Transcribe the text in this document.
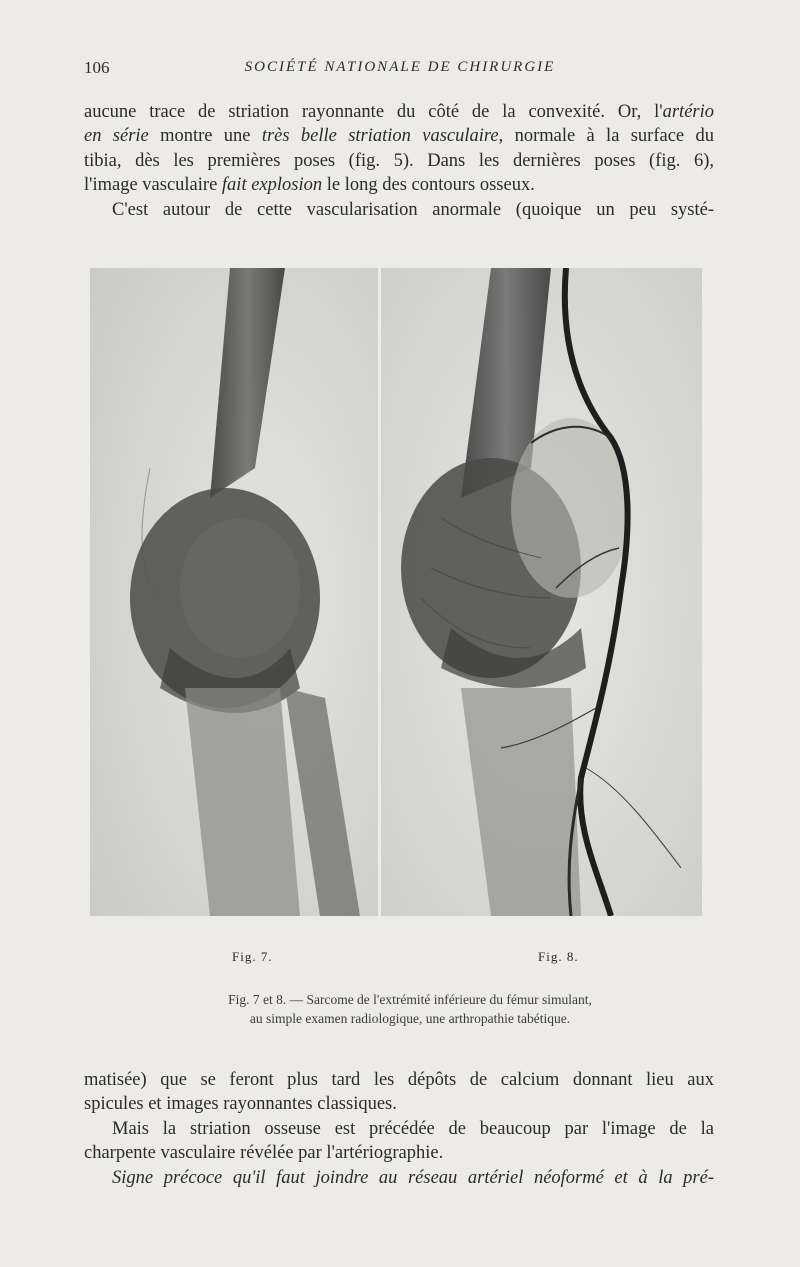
106	SOCIÉTÉ NATIONALE DE CHIRURGIE
aucune trace de striation rayonnante du côté de la convexité. Or, l'artério
en série montre une très belle striation vasculaire, normale à la surface du
tibia, dès les premières poses (fig. 5). Dans les dernières poses (fig. 6),
l'image vasculaire fait explosion le long des contours osseux.
C'est autour de cette vascularisation anormale (quoique un peu systé-
Fig. 7.	Fig. 8.

Fig. 7 et 8. — Sarcome de l'extrémité inférieure du fémur simulant,
au simple examen radiologique, une arthropathie tabétique.

matisée) que se feront plus tard les dépôts de calcium donnant lieu aux
spicules et images rayonnantes classiques.
Mais la striation osseuse est précédée de beaucoup par l'image de la
charpente vasculaire révélée par l'artériographie.
Signe précoce qu'il faut joindre au réseau artériel néoformé et à la pré-
